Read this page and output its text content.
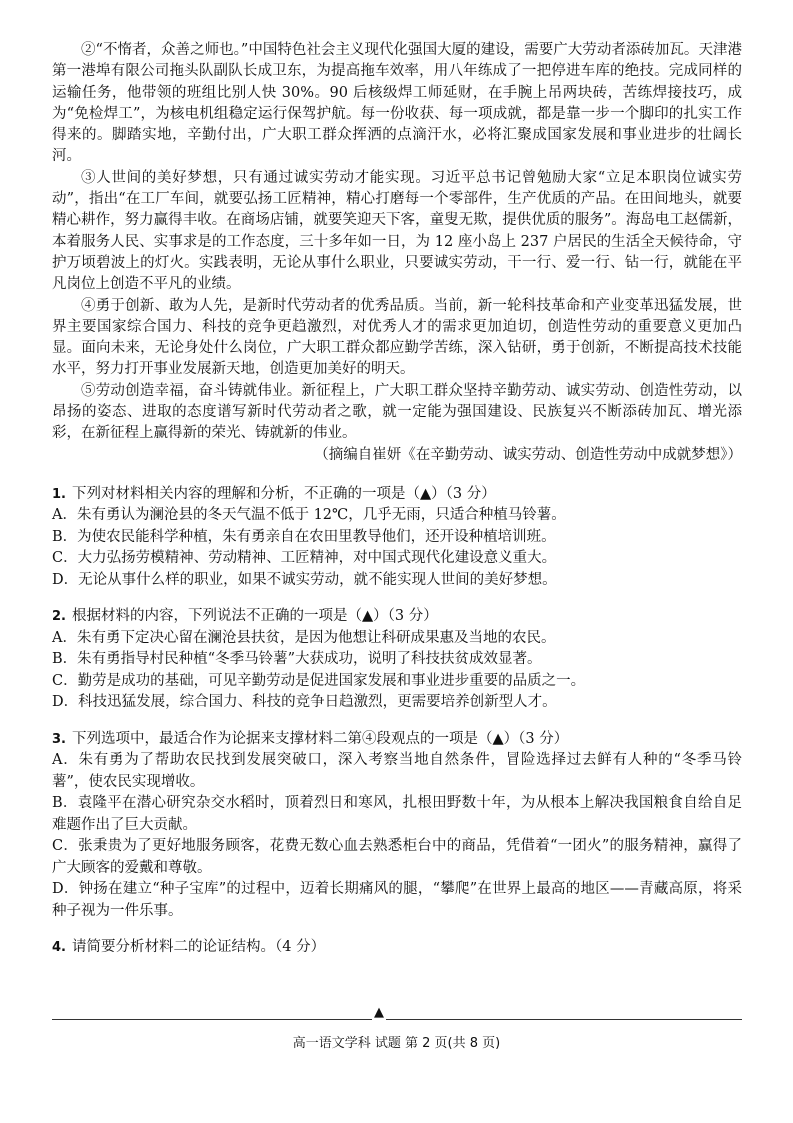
②“不惰者，众善之师也。”中国特色社会主义现代化强国大厦的建设，需要广大劳动者添砖加瓦。天津港第一港埠有限公司拖头队副队长成卫东，为提高拖车效率，用八年练成了一把停进车库的绝技。完成同样的运输任务，他带领的班组比别人快 30%。90 后核级焊工师延财，在手腕上吊两块砖，苦练焊接技巧，成为“免检焊工”，为核电机组稳定运行保驾护航。每一份收获、每一项成就，都是靠一步一个脚印的扎实工作得来的。脚踏实地，辛勤付出，广大职工群众挥洒的点滴汗水，必将汇聚成国家发展和事业进步的壮阔长河。

③人世间的美好梦想，只有通过诚实劳动才能实现。习近平总书记曾勉励大家“立足本职岗位诚实劳动”，指出“在工厂车间，就要弘扬工匠精神，精心打磨每一个零部件，生产优质的产品。在田间地头，就要精心耕作，努力赢得丰收。在商场店铺，就要笑迎天下客，童叟无欺，提供优质的服务”。海岛电工赵儒新，本着服务人民、实事求是的工作态度，三十多年如一日，为 12 座小岛上 237 户居民的生活全天候待命，守护万顷碧波上的灯火。实践表明，无论从事什么职业，只要诚实劳动，干一行、爱一行、钻一行，就能在平凡岗位上创造不平凡的业绩。

④勇于创新、敢为人先，是新时代劳动者的优秀品质。当前，新一轮科技革命和产业变革迅猛发展，世界主要国家综合国力、科技的竞争更趋激烈，对优秀人才的需求更加迫切，创造性劳动的重要意义更加凸显。面向未来，无论身处什么岗位，广大职工群众都应勤学苦练，深入钻研，勇于创新，不断提高技术技能水平，努力打开事业发展新天地，创造更加美好的明天。

⑤劳动创造幸福，奋斗铸就伟业。新征程上，广大职工群众坚持辛勤劳动、诚实劳动、创造性劳动，以昂扬的姿态、进取的态度谱写新时代劳动者之歌，就一定能为强国建设、民族复兴不断添砖加瓦、增光添彩，在新征程上赢得新的荣光、铸就新的伟业。

（摘编自崔妍《在辛勤劳动、诚实劳动、创造性劳动中成就梦想》）

1. 下列对材料相关内容的理解和分析，不正确的一项是（▲）（3 分）

A．朱有勇认为澜沧县的冬天气温不低于 12℃，几乎无雨，只适合种植马铃薯。

B．为使农民能科学种植，朱有勇亲自在农田里教导他们，还开设种植培训班。

C．大力弘扬劳模精神、劳动精神、工匠精神，对中国式现代化建设意义重大。

D．无论从事什么样的职业，如果不诚实劳动，就不能实现人世间的美好梦想。

2. 根据材料的内容，下列说法不正确的一项是（▲）（3 分）

A．朱有勇下定决心留在澜沧县扶贫，是因为他想让科研成果惠及当地的农民。

B．朱有勇指导村民种植“冬季马铃薯”大获成功，说明了科技扶贫成效显著。

C．勤劳是成功的基础，可见辛勤劳动是促进国家发展和事业进步重要的品质之一。

D．科技迅猛发展，综合国力、科技的竞争日趋激烈，更需要培养创新型人才。

3. 下列选项中，最适合作为论据来支撑材料二第④段观点的一项是（▲）（3 分）

A．朱有勇为了帮助农民找到发展突破口，深入考察当地自然条件，冒险选择过去鲜有人种的“冬季马铃薯”，使农民实现增收。

B．袁隆平在潜心研究杂交水稻时，顶着烈日和寒风，扎根田野数十年，为从根本上解决我国粮食自给自足难题作出了巨大贡献。

C．张秉贵为了更好地服务顾客，花费无数心血去熟悉柜台中的商品，凭借着“一团火”的服务精神，赢得了广大顾客的爱戴和尊敬。

D．钟扬在建立“种子宝库”的过程中，迈着长期痛风的腿，“攀爬”在世界上最高的地区——青藏高原，将采种子视为一件乐事。

4. 请简要分析材料二的论证结构。（4 分）

▲
高一语文学科 试题 第 2 页(共 8 页)
